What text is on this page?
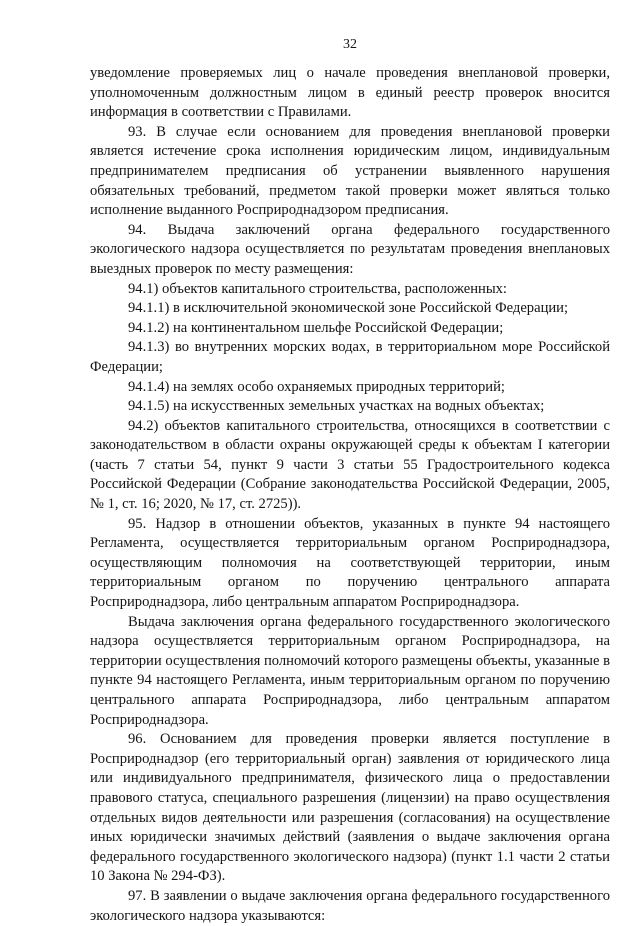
32

уведомление проверяемых лиц о начале проведения внеплановой проверки, уполномоченным должностным лицом в единый реестр проверок вносится информация в соответствии с Правилами.

93. В случае если основанием для проведения внеплановой проверки является истечение срока исполнения юридическим лицом, индивидуальным предпринимателем предписания об устранении выявленного нарушения обязательных требований, предметом такой проверки может являться только исполнение выданного Росприроднадзором предписания.

94. Выдача заключений органа федерального государственного экологического надзора осуществляется по результатам проведения внеплановых выездных проверок по месту размещения:

94.1) объектов капитального строительства, расположенных:

94.1.1) в исключительной экономической зоне Российской Федерации;

94.1.2) на континентальном шельфе Российской Федерации;

94.1.3) во внутренних морских водах, в территориальном море Российской Федерации;

94.1.4) на землях особо охраняемых природных территорий;

94.1.5) на искусственных земельных участках на водных объектах;

94.2) объектов капитального строительства, относящихся в соответствии с законодательством в области охраны окружающей среды к объектам I категории (часть 7 статьи 54, пункт 9 части 3 статьи 55 Градостроительного кодекса Российской Федерации (Собрание законодательства Российской Федерации, 2005, № 1, ст. 16; 2020, № 17, ст. 2725)).

95. Надзор в отношении объектов, указанных в пункте 94 настоящего Регламента, осуществляется территориальным органом Росприроднадзора, осуществляющим полномочия на соответствующей территории, иным территориальным органом по поручению центрального аппарата Росприроднадзора, либо центральным аппаратом Росприроднадзора.

Выдача заключения органа федерального государственного экологического надзора осуществляется территориальным органом Росприроднадзора, на территории осуществления полномочий которого размещены объекты, указанные в пункте 94 настоящего Регламента, иным территориальным органом по поручению центрального аппарата Росприроднадзора, либо центральным аппаратом Росприроднадзора.

96. Основанием для проведения проверки является поступление в Росприроднадзор (его территориальный орган) заявления от юридического лица или индивидуального предпринимателя, физического лица о предоставлении правового статуса, специального разрешения (лицензии) на право осуществления отдельных видов деятельности или разрешения (согласования) на осуществление иных юридически значимых действий (заявления о выдаче заключения органа федерального государственного экологического надзора) (пункт 1.1 части 2 статьи 10 Закона № 294-ФЗ).

97. В заявлении о выдаче заключения органа федерального государственного экологического надзора указываются:
